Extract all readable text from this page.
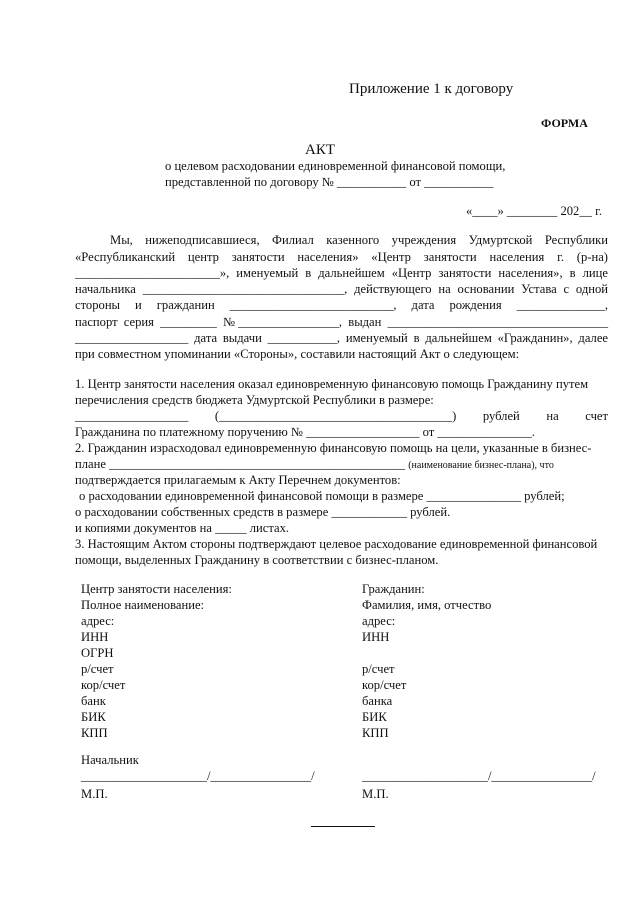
Приложение 1 к договору
ФОРМА
АКТ
о целевом расходовании единовременной финансовой помощи,
представленной по договору № ___________ от ___________
«____» ________ 202__ г.
Мы, нижеподписавшиеся, Филиал казенного учреждения Удмуртской Республики
«Республиканский центр занятости населения» «Центр занятости населения г. (р-на)
_______________________», именуемый в дальнейшем «Центр занятости населения», в лице
начальника ________________________________, действующего на основании Устава с одной
стороны и гражданин __________________________, дата рождения ______________,
паспорт серия _________ №________________, выдан ___________________________________
__________________ дата выдачи ___________, именуемый в дальнейшем «Гражданин», далее
при совместном упоминании «Стороны», составили настоящий Акт о следующем:
1. Центр занятости населения оказал единовременную финансовую помощь Гражданину путем
перечисления средств бюджета Удмуртской Республики в размере:
__________________ (_____________________________________) рублей на счет
Гражданина по платежному поручению № __________________ от _______________.
2. Гражданин израсходовал единовременную финансовую помощь на цели, указанные в бизнес-
плане _______________________________________________ (наименование бизнес-плана), что
подтверждается прилагаемым к Акту Перечнем документов:
о расходовании единовременной финансовой помощи в размере _______________ рублей;
о расходовании собственных средств в размере ____________ рублей.
и копиями документов на _____ листах.
3. Настоящим Актом стороны подтверждают целевое расходование единовременной финансовой
помощи, выделенных Гражданину в соответствии с бизнес-планом.
Центр занятости населения:
Полное наименование:
адрес:
ИНН
ОГРН
р/счет
кор/счет
банк
БИК
КПП
Начальник
____________________/________________/
М.П.
Гражданин:
Фамилия, имя, отчество
адрес:
ИНН
р/счет
кор/счет
банка
БИК
КПП
____________________/________________/
М.П.
